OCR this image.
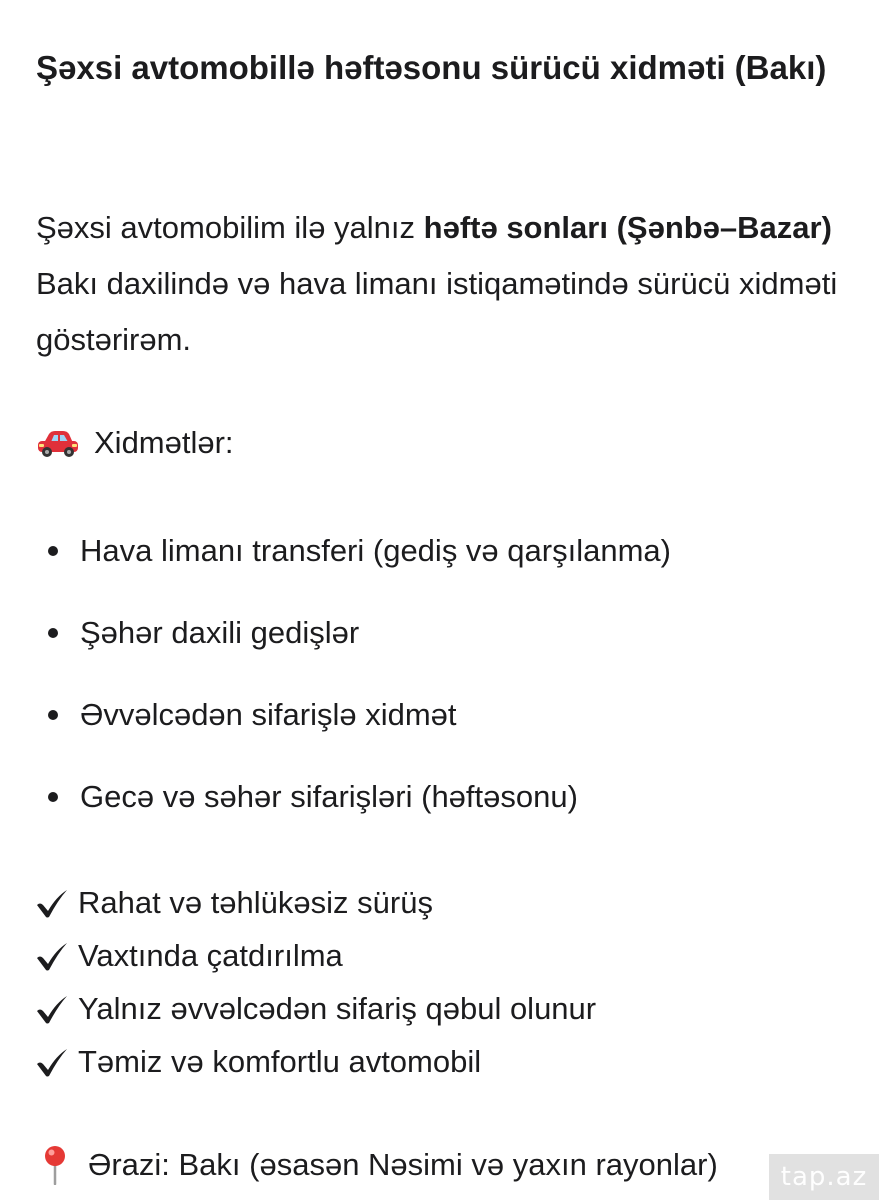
Şəxsi avtomobillə həftəsonu sürücü xidməti (Bakı)

Şəxsi avtomobilim ilə yalnız həftə sonları (Şənbə–Bazar) Bakı daxilində və hava limanı istiqamətində sürücü xidməti göstərirəm.

Xidmətlər:
Hava limanı transferi (gediş və qarşılanma)
Şəhər daxili gedişlər
Əvvəlcədən sifarişlə xidmət
Gecə və səhər sifarişləri (həftəsonu)
Rahat və təhlükəsiz sürüş
Vaxtında çatdırılma
Yalnız əvvəlcədən sifariş qəbul olunur
Təmiz və komfortlu avtomobil
Ərazi: Bakı (əsasən Nəsimi və yaxın rayonlar)	tap.az
